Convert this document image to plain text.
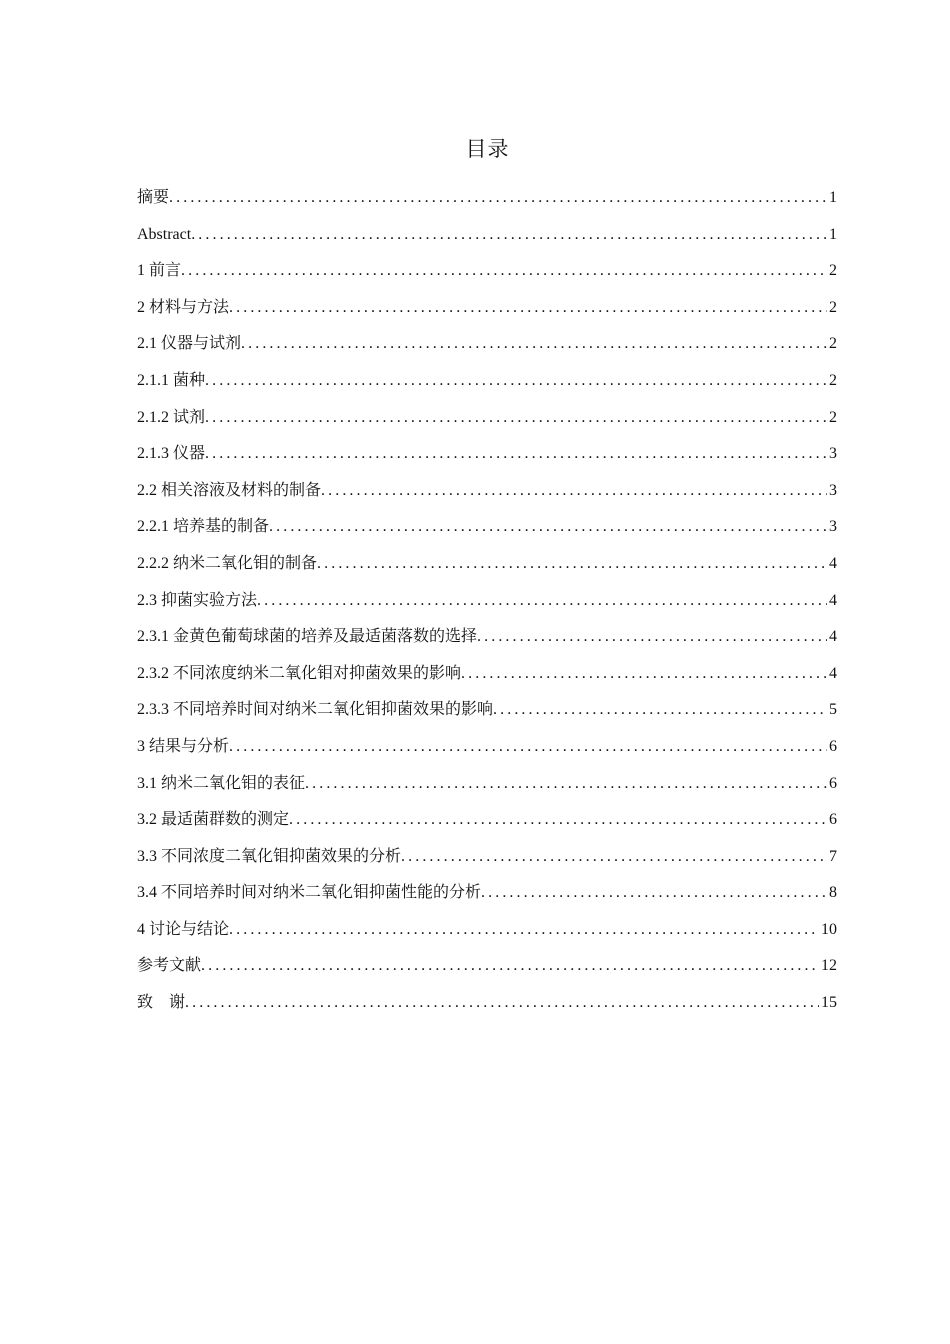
目录
摘要 .....	1
Abstract .....	1
1 前言 .....	2
2 材料与方法 .....	2
2.1 仪器与试剂 .....	2
2.1.1 菌种 .....	2
2.1.2 试剂 .....	2
2.1.3 仪器 .....	3
2.2 相关溶液及材料的制备 .....	3
2.2.1 培养基的制备 .....	3
2.2.2 纳米二氧化钼的制备 .....	4
2.3 抑菌实验方法 .....	4
2.3.1 金黄色葡萄球菌的培养及最适菌落数的选择 .....	4
2.3.2 不同浓度纳米二氧化钼对抑菌效果的影响 .....	4
2.3.3 不同培养时间对纳米二氧化钼抑菌效果的影响 .....	5
3 结果与分析 .....	6
3.1 纳米二氧化钼的表征 .....	6
3.2 最适菌群数的测定 .....	6
3.3 不同浓度二氧化钼抑菌效果的分析 .....	7
3.4 不同培养时间对纳米二氧化钼抑菌性能的分析 .....	8
4 讨论与结论 .....	10
参考文献 .....	12
致　谢 .....	15
